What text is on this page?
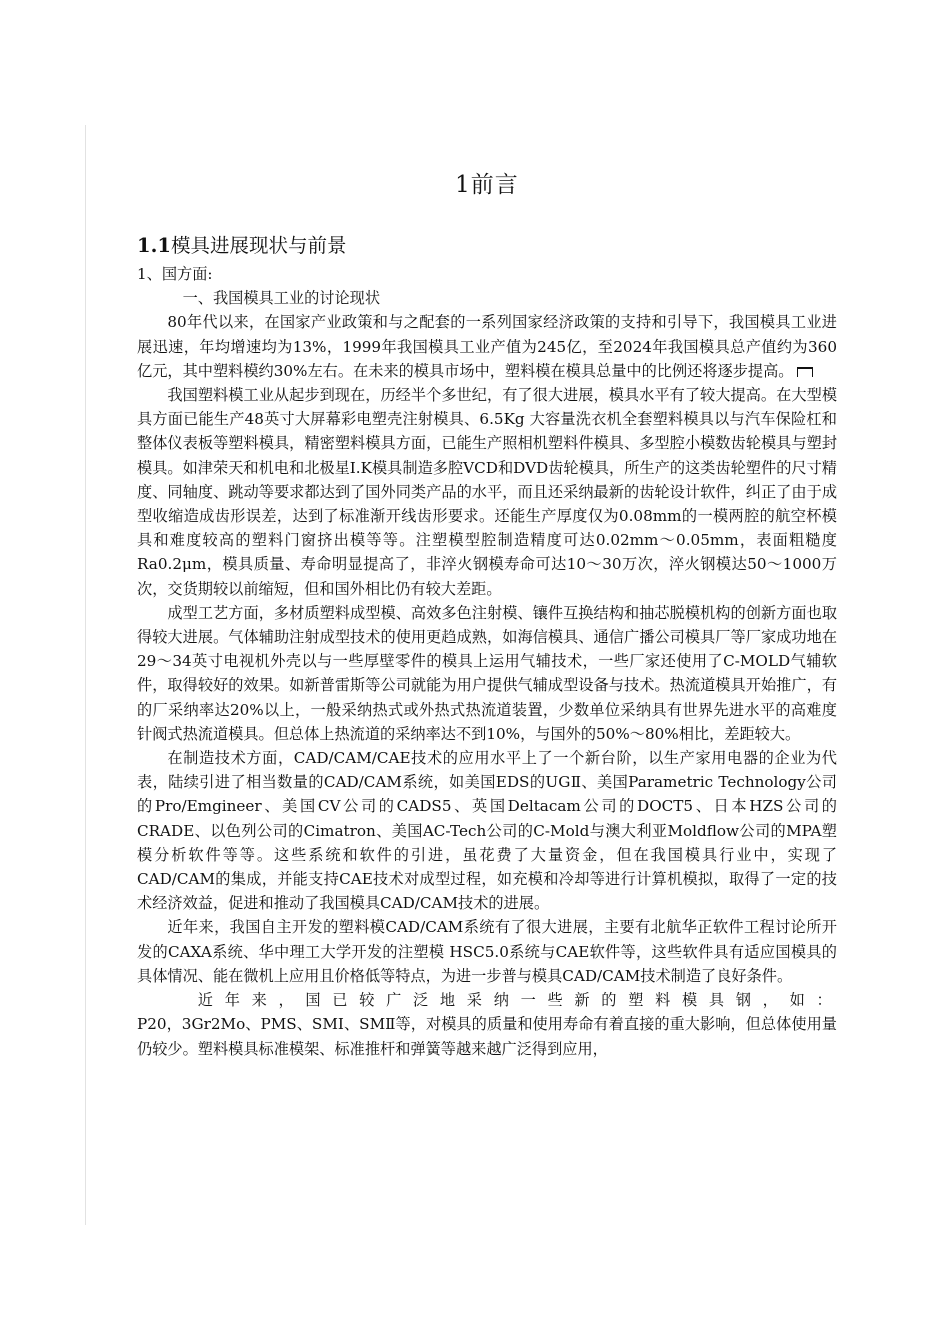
1前言
1.1模具进展现状与前景

1、国方面:

一、我国模具工业的讨论现状

80年代以来，在国家产业政策和与之配套的一系列国家经济政策的支持和引导下，我国模具工业进展迅速，年均增速均为13%，1999年我国模具工业产值为245亿，至2024年我国模具总产值约为360亿元，其中塑料模约30%左右。在未来的模具市场中，塑料模在模具总量中的比例还将逐步提高。

我国塑料模工业从起步到现在，历经半个多世纪，有了很大进展，模具水平有了较大提高。在大型模具方面已能生产48英寸大屏幕彩电塑壳注射模具、6.5Kg 大容量洗衣机全套塑料模具以与汽车保险杠和整体仪表板等塑料模具，精密塑料模具方面，已能生产照相机塑料件模具、多型腔小模数齿轮模具与塑封模具。如津荣天和机电和北极星Ⅰ.K模具制造多腔VCD和DVD齿轮模具，所生产的这类齿轮塑件的尺寸精度、同轴度、跳动等要求都达到了国外同类产品的水平，而且还采纳最新的齿轮设计软件，纠正了由于成型收缩造成齿形误差，达到了标准渐开线齿形要求。还能生产厚度仅为0.08mm的一模两腔的航空杯模具和难度较高的塑料门窗挤出模等等。注塑模型腔制造精度可达0.02mm～0.05mm，表面粗糙度Ra0.2μm，模具质量、寿命明显提高了，非淬火钢模寿命可达10～30万次，淬火钢模达50～1000万次，交货期较以前缩短，但和国外相比仍有较大差距。

成型工艺方面，多材质塑料成型模、高效多色注射模、镶件互换结构和抽芯脱模机构的创新方面也取得较大进展。气体辅助注射成型技术的使用更趋成熟，如海信模具、通信广播公司模具厂等厂家成功地在29～34英寸电视机外壳以与一些厚壁零件的模具上运用气辅技术，一些厂家还使用了C-MOLD气辅软件，取得较好的效果。如新普雷斯等公司就能为用户提供气辅成型设备与技术。热流道模具开始推广，有的厂采纳率达20%以上，一般采纳热式或外热式热流道装置，少数单位采纳具有世界先进水平的高难度针阀式热流道模具。但总体上热流道的采纳率达不到10%，与国外的50%～80%相比，差距较大。

在制造技术方面，CAD/CAM/CAE技术的应用水平上了一个新台阶，以生产家用电器的企业为代表，陆续引进了相当数量的CAD/CAM系统，如美国EDS的UGⅡ、美国Parametric Technology公司的Pro/Emgineer、美国CV公司的CADS5、英国Deltacam公司的DOCT5、日本HZS公司的CRADE、以色列公司的Cimatron、美国AC-Tech公司的C-Mold与澳大利亚Moldflow公司的MPA塑模分析软件等等。这些系统和软件的引进，虽花费了大量资金，但在我国模具行业中，实现了CAD/CAM的集成，并能支持CAE技术对成型过程，如充模和冷却等进行计算机模拟，取得了一定的技术经济效益，促进和推动了我国模具CAD/CAM技术的进展。

近年来，我国自主开发的塑料模CAD/CAM系统有了很大进展，主要有北航华正软件工程讨论所开发的CAXA系统、华中理工大学开发的注塑模 HSC5.0系统与CAE软件等，这些软件具有适应国模具的具体情况、能在微机上应用且价格低等特点，为进一步普与模具CAD/CAM技术制造了良好条件。

近年来，国已较广泛地采纳一些新的塑料模具钢，如：

P20，3Gr2Mo、PMS、SMⅠ、SMⅡ等，对模具的质量和使用寿命有着直接的重大影响，但总体使用量仍较少。塑料模具标准模架、标准推杆和弹簧等越来越广泛得到应用，
